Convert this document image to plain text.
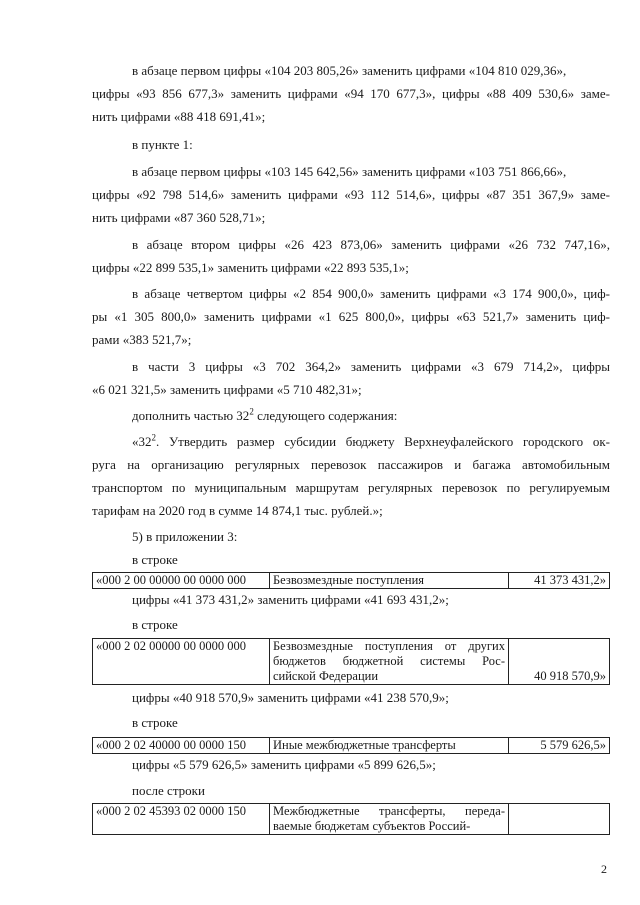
в абзаце первом цифры «104 203 805,26» заменить цифрами «104 810 029,36»,
цифры «93 856 677,3» заменить цифрами «94 170 677,3», цифры «88 409 530,6» заме-
нить цифрами «88 418 691,41»;
в пункте 1:
в абзаце первом цифры «103 145 642,56» заменить цифрами «103 751 866,66»,
цифры «92 798 514,6» заменить цифрами «93 112 514,6», цифры «87 351 367,9» заме-
нить цифрами «87 360 528,71»;
в абзаце втором цифры «26 423 873,06» заменить цифрами «26 732 747,16»,
цифры «22 899 535,1» заменить цифрами «22 893 535,1»;
в абзаце четвертом цифры «2 854 900,0» заменить цифрами «3 174 900,0», циф-
ры «1 305 800,0» заменить цифрами «1 625 800,0», цифры «63 521,7» заменить циф-
рами «383 521,7»;
в части 3 цифры «3 702 364,2» заменить цифрами «3 679 714,2», цифры
«6 021 321,5» заменить цифрами «5 710 482,31»;
дополнить частью $32^2$ следующего содержания:
«$32^2$. Утвердить размер субсидии бюджету Верхнеуфалейского городского ок-
руга на организацию регулярных перевозок пассажиров и багажа автомобильным
транспортом по муниципальным маршрутам регулярных перевозок по регулируемым
тарифам на 2020 год в сумме 14 874,1 тыс. рублей.»;
5) в приложении 3:
в строке
«000 2 00 00000 00 0000 000	Безвозмездные поступления	41 373 431,2»
цифры «41 373 431,2» заменить цифрами «41 693 431,2»;
в строке
«000 2 02 00000 00 0000 000	Безвозмездные поступления от других бюджетов бюджетной системы Рос- сийской Федерации	40 918 570,9»
цифры «40 918 570,9» заменить цифрами «41 238 570,9»;
в строке
«000 2 02 40000 00 0000 150	Иные межбюджетные трансферты	5 579 626,5»
цифры «5 579 626,5» заменить цифрами «5 899 626,5»;
после строки
«000 2 02 45393 02 0000 150	Межбюджетные трансферты, переда- ваемые бюджетам субъектов Россий-	
2
